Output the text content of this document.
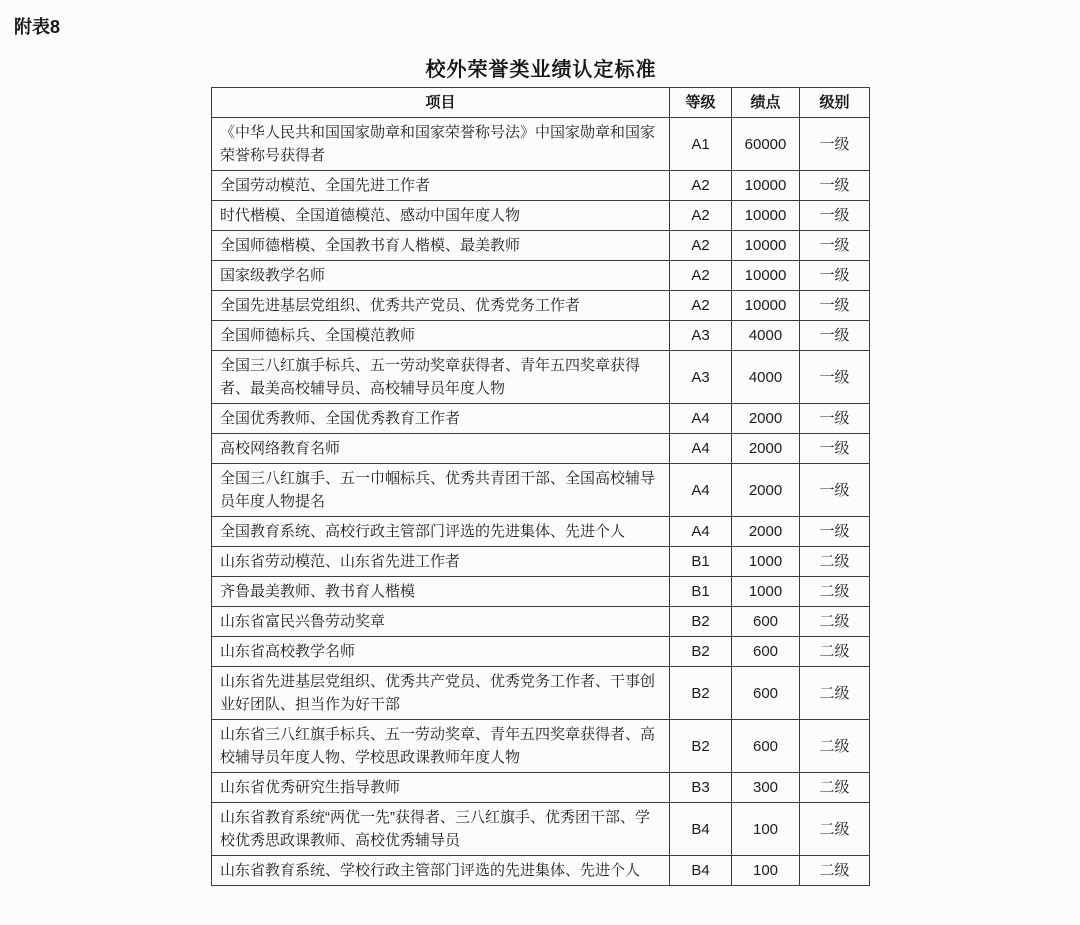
附表8
校外荣誉类业绩认定标准
项目	等级	绩点	级别
《中华人民共和国国家勋章和国家荣誉称号法》中国家勋章和国家荣誉称号获得者	A1	60000	一级
全国劳动模范、全国先进工作者	A2	10000	一级
时代楷模、全国道德模范、感动中国年度人物	A2	10000	一级
全国师德楷模、全国教书育人楷模、最美教师	A2	10000	一级
国家级教学名师	A2	10000	一级
全国先进基层党组织、优秀共产党员、优秀党务工作者	A2	10000	一级
全国师德标兵、全国模范教师	A3	4000	一级
全国三八红旗手标兵、五一劳动奖章获得者、青年五四奖章获得者、最美高校辅导员、高校辅导员年度人物	A3	4000	一级
全国优秀教师、全国优秀教育工作者	A4	2000	一级
高校网络教育名师	A4	2000	一级
全国三八红旗手、五一巾帼标兵、优秀共青团干部、全国高校辅导员年度人物提名	A4	2000	一级
全国教育系统、高校行政主管部门评选的先进集体、先进个人	A4	2000	一级
山东省劳动模范、山东省先进工作者	B1	1000	二级
齐鲁最美教师、教书育人楷模	B1	1000	二级
山东省富民兴鲁劳动奖章	B2	600	二级
山东省高校教学名师	B2	600	二级
山东省先进基层党组织、优秀共产党员、优秀党务工作者、干事创业好团队、担当作为好干部	B2	600	二级
山东省三八红旗手标兵、五一劳动奖章、青年五四奖章获得者、高校辅导员年度人物、学校思政课教师年度人物	B2	600	二级
山东省优秀研究生指导教师	B3	300	二级
山东省教育系统“两优一先”获得者、三八红旗手、优秀团干部、学校优秀思政课教师、高校优秀辅导员	B4	100	二级
山东省教育系统、学校行政主管部门评选的先进集体、先进个人	B4	100	二级
